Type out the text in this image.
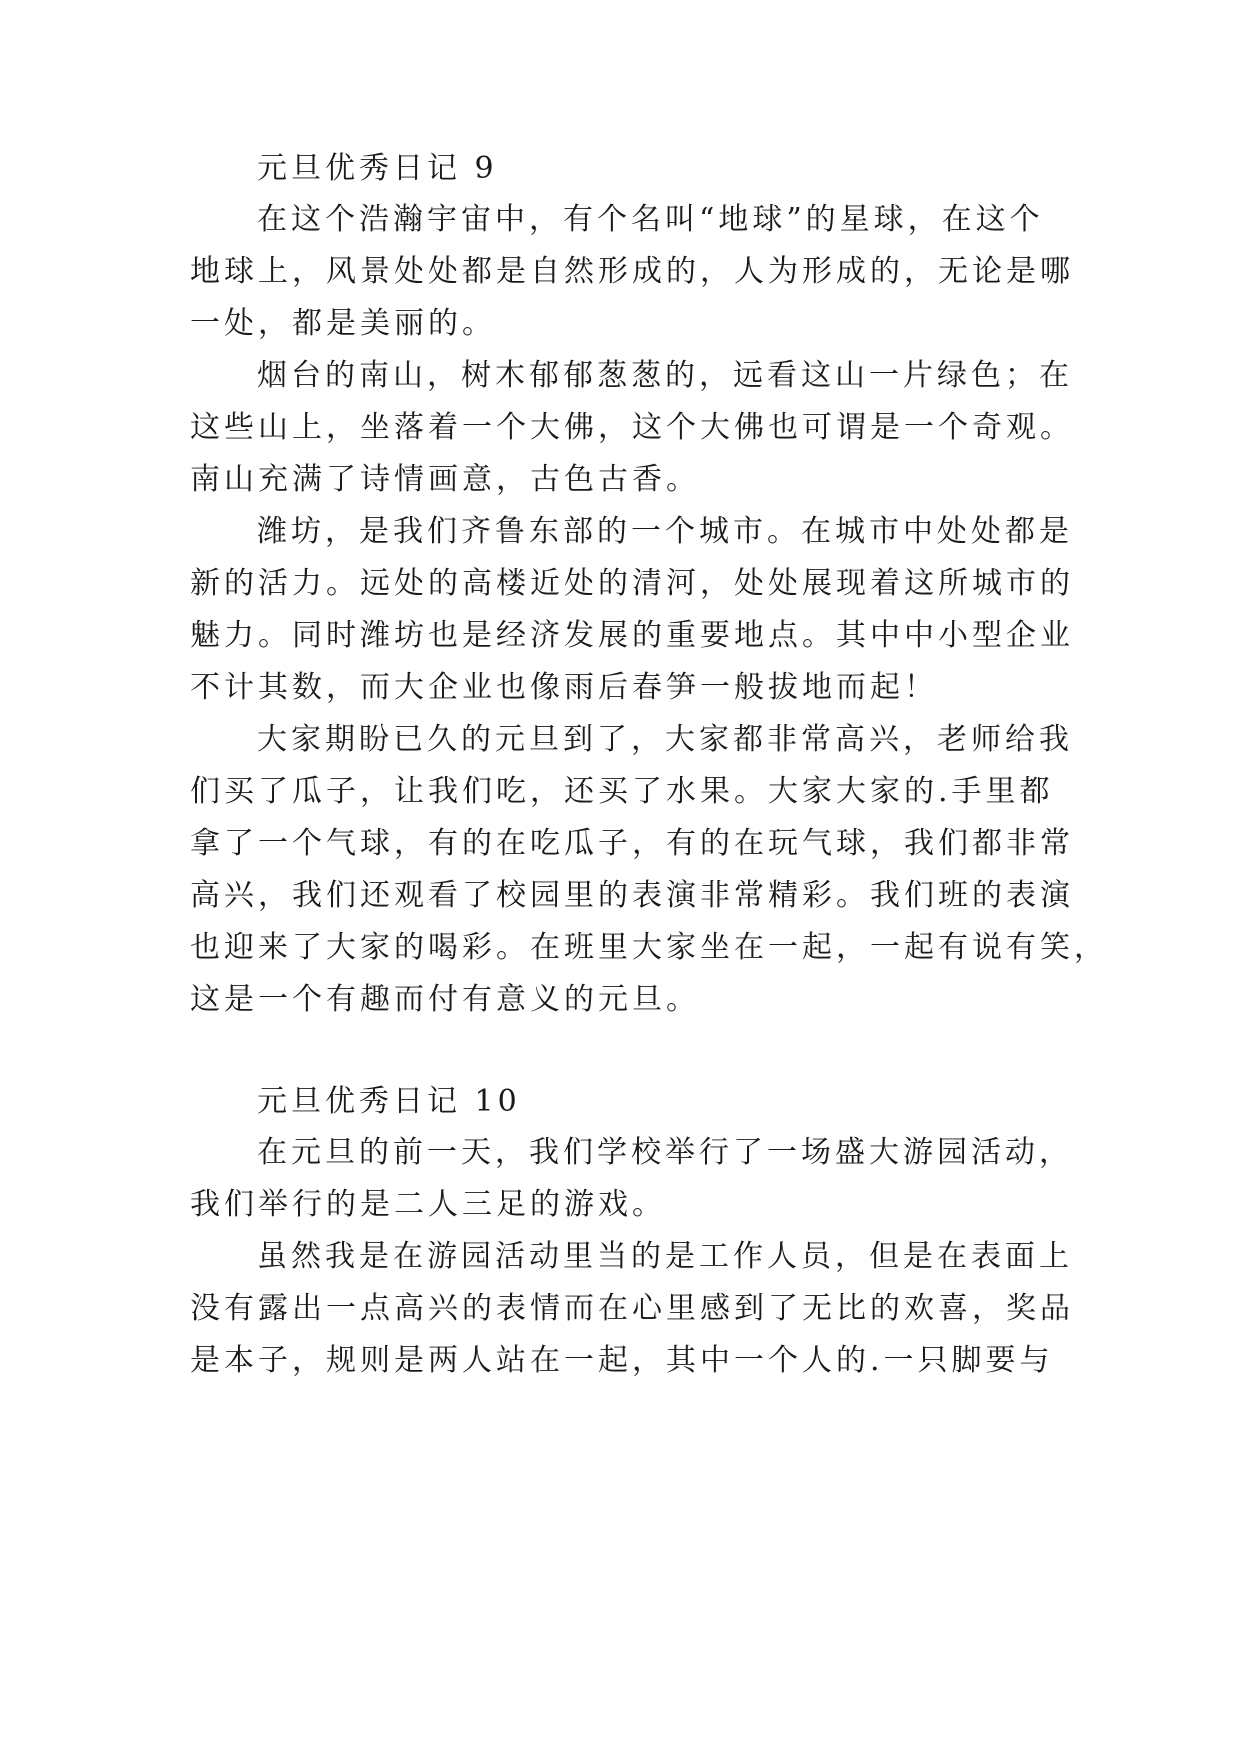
元旦优秀日记 9
在这个浩瀚宇宙中，有个名叫“地球”的星球，在这个
地球上，风景处处都是自然形成的，人为形成的，无论是哪
一处，都是美丽的。
烟台的南山，树木郁郁葱葱的，远看这山一片绿色；在
这些山上，坐落着一个大佛，这个大佛也可谓是一个奇观。
南山充满了诗情画意，古色古香。
潍坊，是我们齐鲁东部的一个城市。在城市中处处都是
新的活力。远处的高楼近处的清河，处处展现着这所城市的
魅力。同时潍坊也是经济发展的重要地点。其中中小型企业
不计其数，而大企业也像雨后春笋一般拔地而起！
大家期盼已久的元旦到了，大家都非常高兴，老师给我
们买了瓜子，让我们吃，还买了水果。大家大家的.手里都
拿了一个气球，有的在吃瓜子，有的在玩气球，我们都非常
高兴，我们还观看了校园里的表演非常精彩。我们班的表演
也迎来了大家的喝彩。在班里大家坐在一起，一起有说有笑，
这是一个有趣而付有意义的元旦。
元旦优秀日记 10
在元旦的前一天，我们学校举行了一场盛大游园活动，
我们举行的是二人三足的游戏。
虽然我是在游园活动里当的是工作人员，但是在表面上
没有露出一点高兴的表情而在心里感到了无比的欢喜，奖品
是本子，规则是两人站在一起，其中一个人的.一只脚要与
